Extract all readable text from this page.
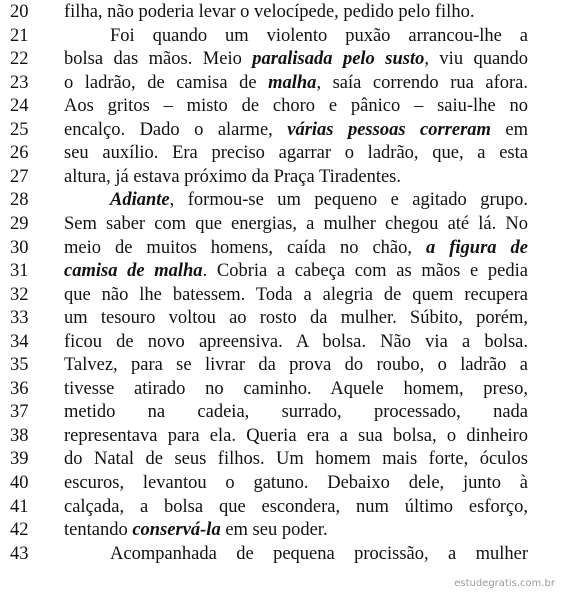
20	filha, não poderia levar o velocípede, pedido pelo filho.
21	Foi quando um violento puxão arrancou-lhe a
22	bolsa das mãos. Meio paralisada pelo susto, viu quando
23	o ladrão, de camisa de malha, saía correndo rua afora.
24	Aos gritos – misto de choro e pânico – saiu-lhe no
25	encalço. Dado o alarme, várias pessoas correram em
26	seu auxílio. Era preciso agarrar o ladrão, que, a esta
27	altura, já estava próximo da Praça Tiradentes.
28	Adiante, formou-se um pequeno e agitado grupo.
29	Sem saber com que energias, a mulher chegou até lá. No
30	meio de muitos homens, caída no chão, a figura de
31	camisa de malha. Cobria a cabeça com as mãos e pedia
32	que não lhe batessem. Toda a alegria de quem recupera
33	um tesouro voltou ao rosto da mulher. Súbito, porém,
34	ficou de novo apreensiva. A bolsa. Não via a bolsa.
35	Talvez, para se livrar da prova do roubo, o ladrão a
36	tivesse atirado no caminho. Aquele homem, preso,
37	metido na cadeia, surrado, processado, nada
38	representava para ela. Queria era a sua bolsa, o dinheiro
39	do Natal de seus filhos. Um homem mais forte, óculos
40	escuros, levantou o gatuno. Debaixo dele, junto à
41	calçada, a bolsa que escondera, num último esforço,
42	tentando conservá-la em seu poder.
43	Acompanhada de pequena procissão, a mulher
estudegratis.com.br
